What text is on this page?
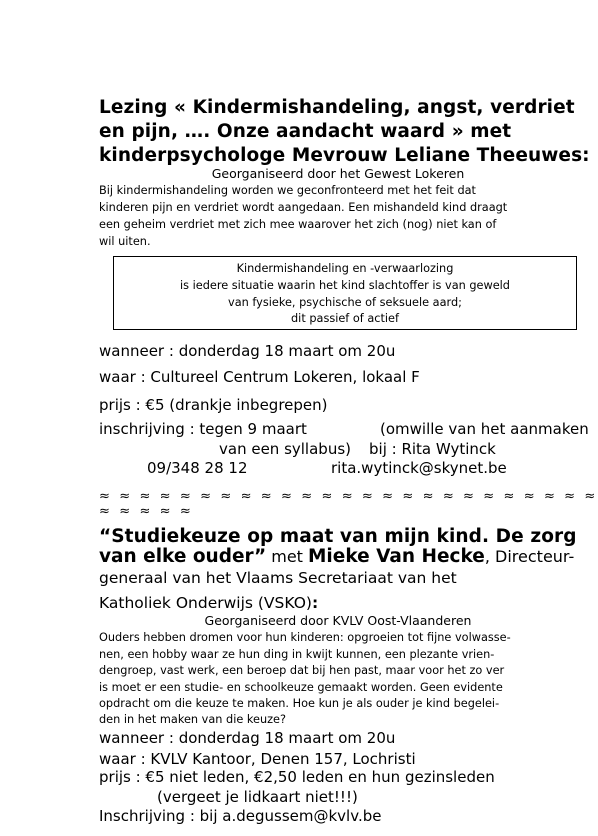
Lezing « Kindermishandeling, angst, verdriet
en pijn, …. Onze aandacht waard » met
kinderpsychologe Mevrouw Leliane Theeuwes:
Georganiseerd door het Gewest Lokeren
Bij kindermishandeling worden we geconfronteerd met het feit dat
kinderen pijn en verdriet wordt aangedaan. Een mishandeld kind draagt
een geheim verdriet met zich mee waarover het zich (nog) niet kan of
wil uiten.
Kindermishandeling en -verwaarlozing
is iedere situatie waarin het kind slachtoffer is van geweld
van fysieke, psychische of seksuele aard;
dit passief of actief
wanneer : donderdag 18 maart om 20u
waar : Cultureel Centrum Lokeren, lokaal F
prijs : €5 (drankje inbegrepen)
inschrijving : tegen 9 maart	(omwille van het aanmaken
van een syllabus) bij : Rita Wytinck
09/348 28 12	rita.wytinck@skynet.be
≈ ≈ ≈ ≈ ≈ ≈ ≈ ≈ ≈ ≈ ≈ ≈ ≈ ≈ ≈ ≈ ≈ ≈ ≈ ≈ ≈ ≈ ≈ ≈ ≈ ≈ ≈ ≈ ≈ ≈
“Studiekeuze op maat van mijn kind. De zorg
van elke ouder” met Mieke Van Hecke, Directeur-
generaal van het Vlaams Secretariaat van het
Katholiek Onderwijs (VSKO):
Georganiseerd door KVLV Oost-Vlaanderen
Ouders hebben dromen voor hun kinderen: opgroeien tot fijne volwasse-
nen, een hobby waar ze hun ding in kwijt kunnen, een plezante vrien-
dengroep, vast werk, een beroep dat bij hen past, maar voor het zo ver
is moet er een studie- en schoolkeuze gemaakt worden. Geen evidente
opdracht om die keuze te maken. Hoe kun je als ouder je kind begelei-
den in het maken van die keuze?
wanneer : donderdag 18 maart om 20u
waar : KVLV Kantoor, Denen 157, Lochristi
prijs : €5 niet leden, €2,50 leden en hun gezinsleden
(vergeet je lidkaart niet!!!)
Inschrijving : bij a.degussem@kvlv.be
